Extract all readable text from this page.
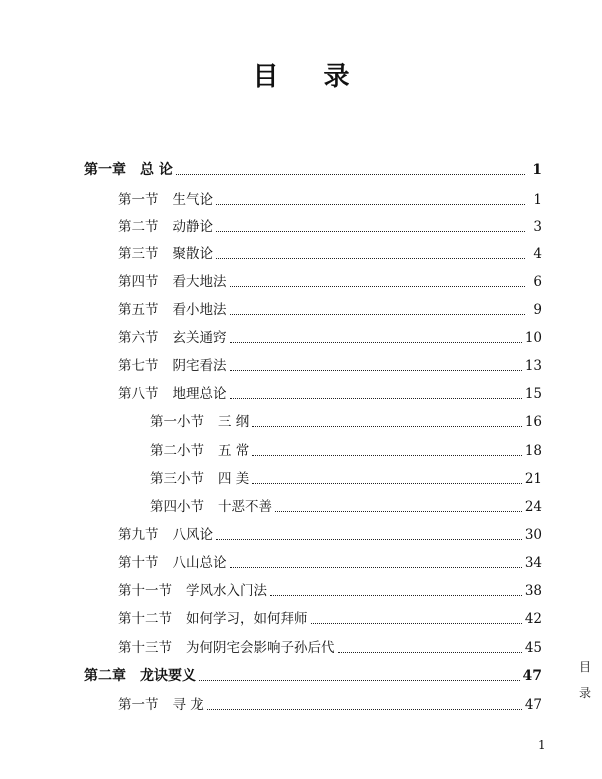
目 录
第一章 总 论	1
第一节 生气论	1
第二节 动静论	3
第三节 聚散论	4
第四节 看大地法	6
第五节 看小地法	9
第六节 玄关通窍	10
第七节 阴宅看法	13
第八节 地理总论	15
第一小节 三 纲	16
第二小节 五 常	18
第三小节 四 美	21
第四小节 十恶不善	24
第九节 八风论	30
第十节 八山总论	34
第十一节 学风水入门法	38
第十二节 如何学习，如何拜师	42
第十三节 为何阴宅会影响子孙后代	45
第二章 龙诀要义	47
第一节 寻 龙	47
目
录
1
